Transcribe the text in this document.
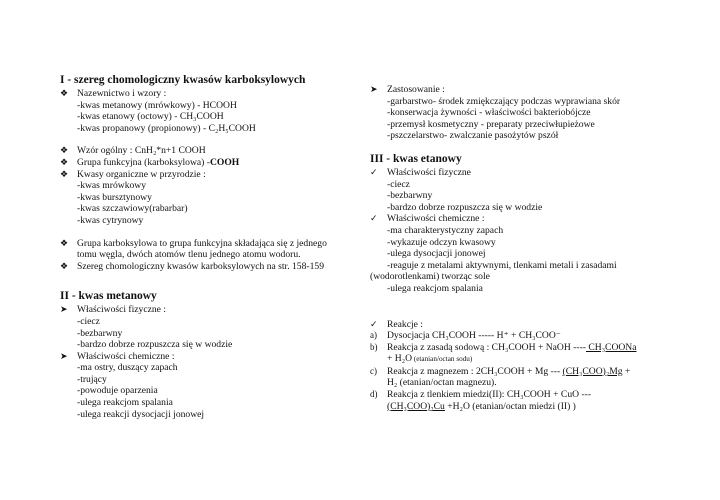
I - szereg chomologiczny kwasów karboksylowych
❖ Nazewnictwo i wzory :
-kwas metanowy (mrówkowy) - HCOOH
-kwas etanowy (octowy) - CH₃COOH
-kwas propanowy (propionowy) - C₂H₅COOH
❖ Wzór ogólny : CnH₂*n+1 COOH
❖ Grupa funkcyjna (karboksylowa) -COOH
❖ Kwasy organiczne w przyrodzie :
-kwas mrówkowy
-kwas bursztynowy
-kwas szczawiowy(rabarbar)
-kwas cytrynowy
❖ Grupa karboksylowa to grupa funkcyjna składająca się z jednego
tomu węgla, dwóch atomów tlenu jednego atomu wodoru.
❖ Szereg chomologiczny kwasów karboksylowych na str. 158-159
II - kwas metanowy
➤ Właściwości fizyczne :
-ciecz
-bezbarwny
-bardzo dobrze rozpuszcza się w wodzie
➤ Właściwości chemiczne :
-ma ostry, duszący zapach
-trujący
-powoduje oparzenia
-ulega reakcjom spalania
-ulega reakcji dysocjacji jonowej
➤ Zastosowanie :
-garbarstwo- środek zmiękczający podczas wyprawiana skór
-konserwacja żywności - właściwości bakteriobójcze
-przemysł kosmetyczny - preparaty przeciwłupieżowe
-pszczelarstwo- zwalczanie pasożytów pszół
III - kwas etanowy
✓ Właściwości fizyczne
-ciecz
-bezbarwny
-bardzo dobrze rozpuszcza się w wodzie
✓ Właściwości chemiczne :
-ma charakterystyczny zapach
-wykazuje odczyn kwasowy
-ulega dysocjacji jonowej
-reaguje z metalami aktywnymi, tlenkami metali i zasadami
(wodorotlenkami) tworząc sole
-ulega reakcjom spalania
✓ Reakcje :
a)	Dysocjacja CH₃COOH ----- H⁺ + CH₃COO⁻
b) Reakcja z zasadą sodową : CH₃COOH + NaOH ---- CH₃COONa
+ H₂O (etanian/octan sodu)
c)	Reakcja z magnezem : 2CH₃COOH + Mg --- (CH₃COO)₂Mg +
H₂ (etanian/octan magnezu).
d) Reakcja z tlenkiem miedzi(II): CH₃COOH + CuO ---
(CH₃COO)₂Cu +H₂O (etanian/octan miedzi (II) )
